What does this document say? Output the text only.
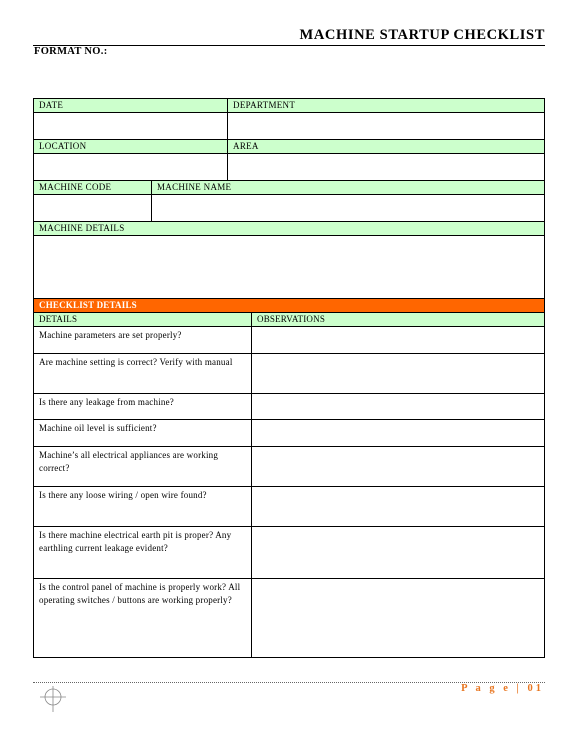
MACHINE STARTUP CHECKLIST
FORMAT NO.:
DATE		DEPARTMENT

LOCATION		AREA

MACHINE CODE	MACHINE NAME	

MACHINE DETAILS		

CHECKLIST DETAILS	
DETAILS	OBSERVATIONS
Machine parameters are set properly?	
Are machine setting is correct? Verify with manual	
Is there any leakage from machine?	
Machine oil level is sufficient?	
Machine’s all electrical appliances are working correct?	
Is there any loose wiring / open wire found?	
Is there machine electrical earth pit is proper? Any earthling current leakage evident?	
Is the control panel of machine is properly work? All operating switches / buttons are working properly?	
P a g e | 01
